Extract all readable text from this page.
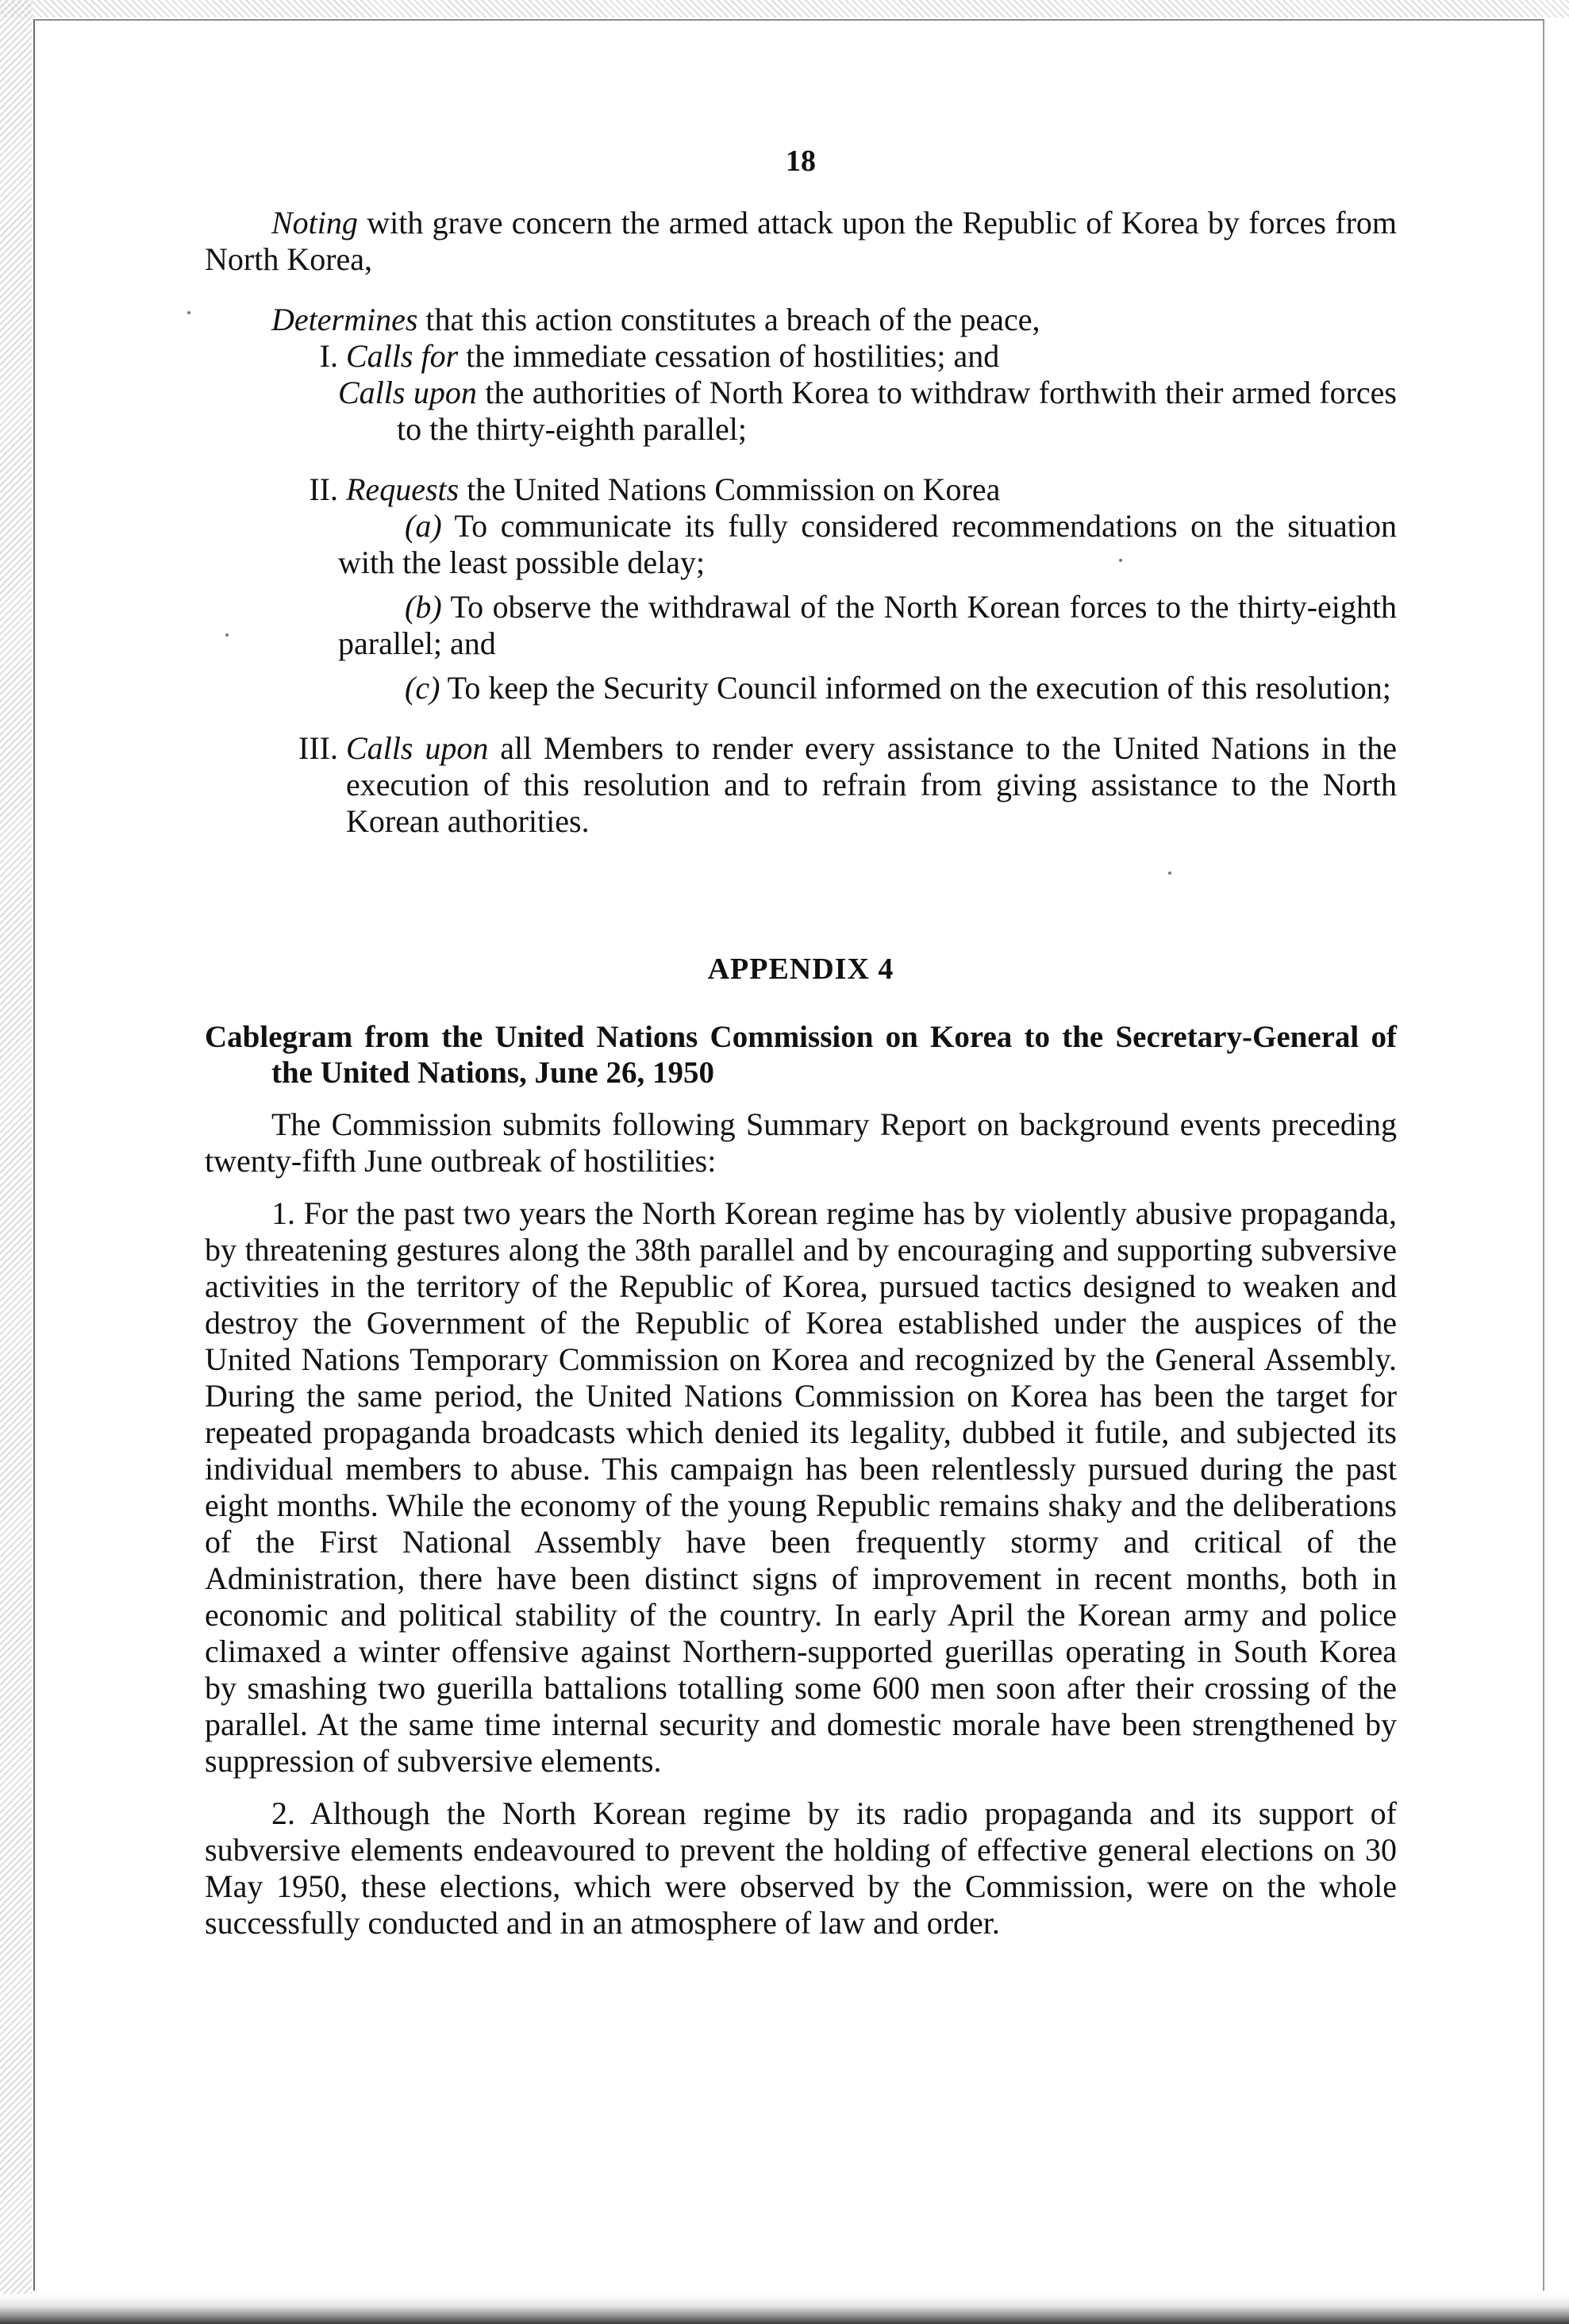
18

Noting with grave concern the armed attack upon the Republic of Korea by forces from North Korea,

Determines that this action constitutes a breach of the peace,

I. Calls for the immediate cessation of hostilities; and

Calls upon the authorities of North Korea to withdraw forthwith their armed forces to the thirty-eighth parallel;

II. Requests the United Nations Commission on Korea

(a) To communicate its fully considered recommendations on the situation with the least possible delay;

(b) To observe the withdrawal of the North Korean forces to the thirty-eighth parallel; and

(c) To keep the Security Council informed on the execution of this resolution;

III. Calls upon all Members to render every assistance to the United Nations in the execution of this resolution and to refrain from giving assistance to the North Korean authorities.
APPENDIX 4

Cablegram from the United Nations Commission on Korea to the Secretary-General of the United Nations, June 26, 1950

The Commission submits following Summary Report on background events preceding twenty-fifth June outbreak of hostilities:

1. For the past two years the North Korean regime has by violently abusive propaganda, by threatening gestures along the 38th parallel and by encouraging and supporting subversive activities in the territory of the Republic of Korea, pursued tactics designed to weaken and destroy the Government of the Republic of Korea established under the auspices of the United Nations Temporary Commission on Korea and recognized by the General Assembly. During the same period, the United Nations Commission on Korea has been the target for repeated propaganda broadcasts which denied its legality, dubbed it futile, and subjected its individual members to abuse. This campaign has been relentlessly pursued during the past eight months. While the economy of the young Republic remains shaky and the deliberations of the First National Assembly have been frequently stormy and critical of the Administration, there have been distinct signs of improvement in recent months, both in economic and political stability of the country. In early April the Korean army and police climaxed a winter offensive against Northern-supported guerillas operating in South Korea by smashing two guerilla battalions totalling some 600 men soon after their crossing of the parallel. At the same time internal security and domestic morale have been strengthened by suppression of subversive elements.

2. Although the North Korean regime by its radio propaganda and its support of subversive elements endeavoured to prevent the holding of effective general elections on 30 May 1950, these elections, which were observed by the Commission, were on the whole successfully conducted and in an atmosphere of law and order.
